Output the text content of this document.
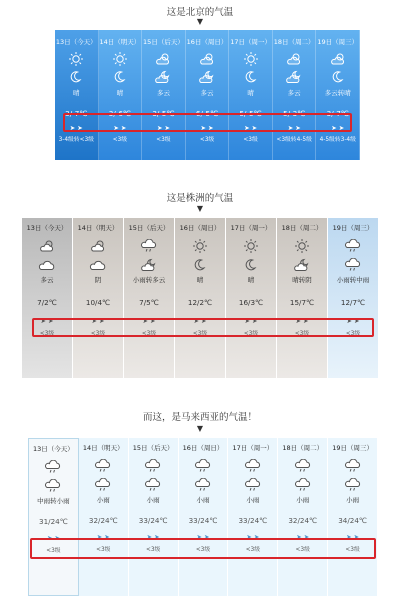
这是北京的气温
▼
13日（今天）
晴
3/-7℃
➤ ➤
3-4级转<3级
14日（明天）
晴
3/-6℃
➤ ➤
<3级
15日（后天）
多云
3/-5℃
➤ ➤
<3级
16日（周日）
多云
6/-5℃
➤ ➤
<3级
17日（周一）
晴
5/-5℃
➤ ➤
<3级
18日（周二）
多云
5/-3℃
➤ ➤
<3级转4-5级
19日（周三）
多云转晴
3/-7℃
➤ ➤
4-5级转3-4级
这是株洲的气温
▼
13日（今天）
多云
7/2℃
➤ ➤
<3级
14日（明天）
阴
10/4℃
➤ ➤
<3级
15日（后天）
小雨转多云
7/5℃
➤ ➤
<3级
16日（周日）
晴
12/2℃
➤ ➤
<3级
17日（周一）
晴
16/3℃
➤ ➤
<3级
18日（周二）
晴转阴
15/7℃
➤ ➤
<3级
19日（周三）
小雨转中雨
12/7℃
➤ ➤
<3级
而这，是马来西亚的气温！
▼
13日（今天）
中雨转小雨
31/24℃
➤ ➤
<3级
14日（明天）
小雨
32/24℃
➤ ➤
<3级
15日（后天）
小雨
33/24℃
➤ ➤
<3级
16日（周日）
小雨
33/24℃
➤ ➤
<3级
17日（周一）
小雨
33/24℃
➤ ➤
<3级
18日（周二）
小雨
32/24℃
➤ ➤
<3级
19日（周三）
小雨
34/24℃
➤ ➤
<3级
